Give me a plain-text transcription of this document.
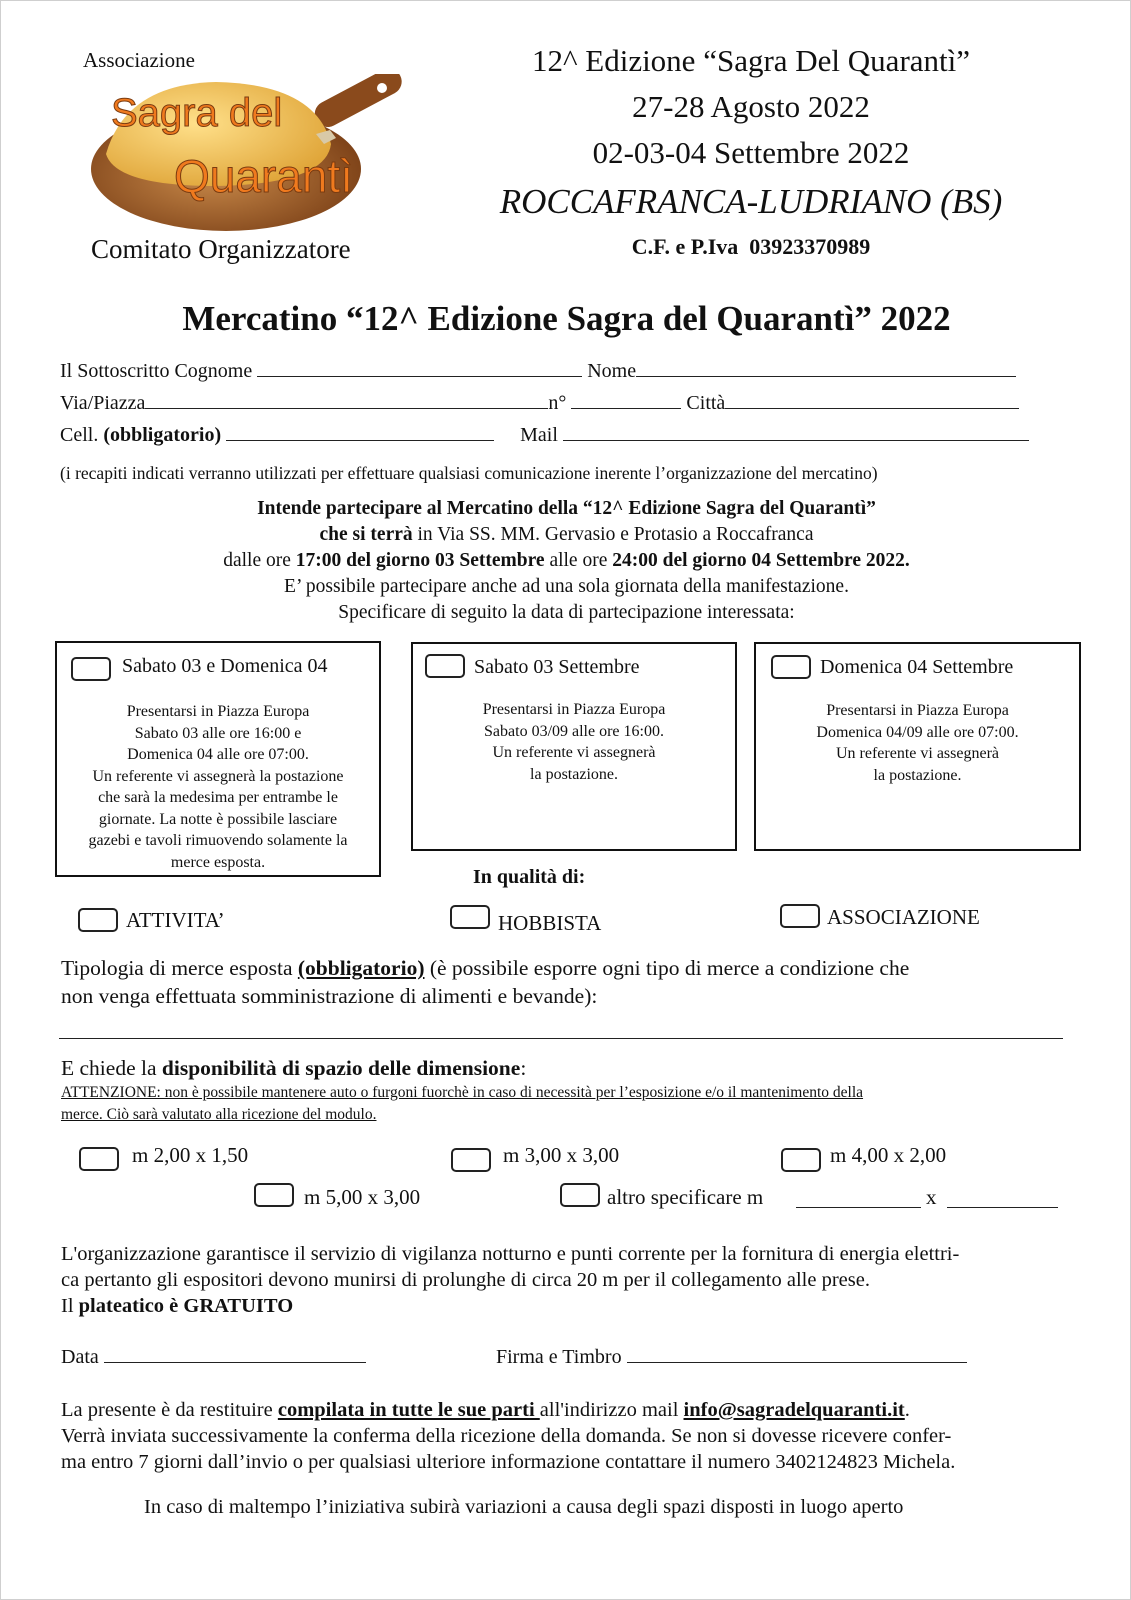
Associazione
Sagra del
Quarantì
Comitato Organizzatore
12^ Edizione “Sagra Del Quarantì”
27-28 Agosto 2022
02-03-04 Settembre 2022
ROCCAFRANCA-LUDRIANO (BS)
C.F. e P.Iva  03923370989
Mercatino “12^ Edizione Sagra del Quarantì” 2022
Il Sottoscritto Cognome	Nome
Via/Piazza	n°	Città
Cell. (obbligatorio)	Mail
(i recapiti indicati verranno utilizzati per effettuare qualsiasi comunicazione inerente l’organizzazione del mercatino)
Intende partecipare al Mercatino della “12^ Edizione Sagra del Quarantì”
che si terrà in Via SS. MM. Gervasio e Protasio a Roccafranca
dalle ore 17:00 del giorno 03 Settembre alle ore 24:00 del giorno 04 Settembre 2022.
E’ possibile partecipare anche ad una sola giornata della manifestazione.
Specificare di seguito la data di partecipazione interessata:
Sabato 03 e Domenica 04
Presentarsi in Piazza Europa
Sabato 03 alle ore 16:00 e
Domenica 04 alle ore 07:00.
Un referente vi assegnerà la postazione
che sarà la medesima per entrambe le
giornate. La notte è possibile lasciare
gazebi e tavoli rimuovendo solamente la
merce esposta.
Sabato 03 Settembre
Presentarsi in Piazza Europa
Sabato 03/09 alle ore 16:00.
Un referente vi assegnerà
la postazione.
Domenica 04 Settembre
Presentarsi in Piazza Europa
Domenica 04/09 alle ore 07:00.
Un referente vi assegnerà
la postazione.
In qualità di:
ATTIVITA’	HOBBISTA	ASSOCIAZIONE
Tipologia di merce esposta (obbligatorio) (è possibile esporre ogni tipo di merce a condizione che
non venga effettuata somministrazione di alimenti e bevande):
E chiede la disponibilità di spazio delle dimensione:
ATTENZIONE: non è possibile mantenere auto o furgoni fuorchè in caso di necessità per l’esposizione e/o il mantenimento della
merce. Ciò sarà valutato alla ricezione del modulo.
m 2,00 x 1,50	m 3,00 x 3,00	m 4,00 x 2,00
m 5,00 x 3,00	altro specificare m	x
L'organizzazione garantisce il servizio di vigilanza notturno e punti corrente per la fornitura di energia elettri-
ca pertanto gli espositori devono munirsi di prolunghe di circa 20 m per il collegamento alle prese.
Il plateatico è GRATUITO
Data	Firma e Timbro
La presente è da restituire compilata in tutte le sue parti all'indirizzo mail info@sagradelquaranti.it.
Verrà inviata successivamente la conferma della ricezione della domanda. Se non si dovesse ricevere confer-
ma entro 7 giorni dall’invio o per qualsiasi ulteriore informazione contattare il numero 3402124823 Michela.
In caso di maltempo l’iniziativa subirà variazioni a causa degli spazi disposti in luogo aperto
